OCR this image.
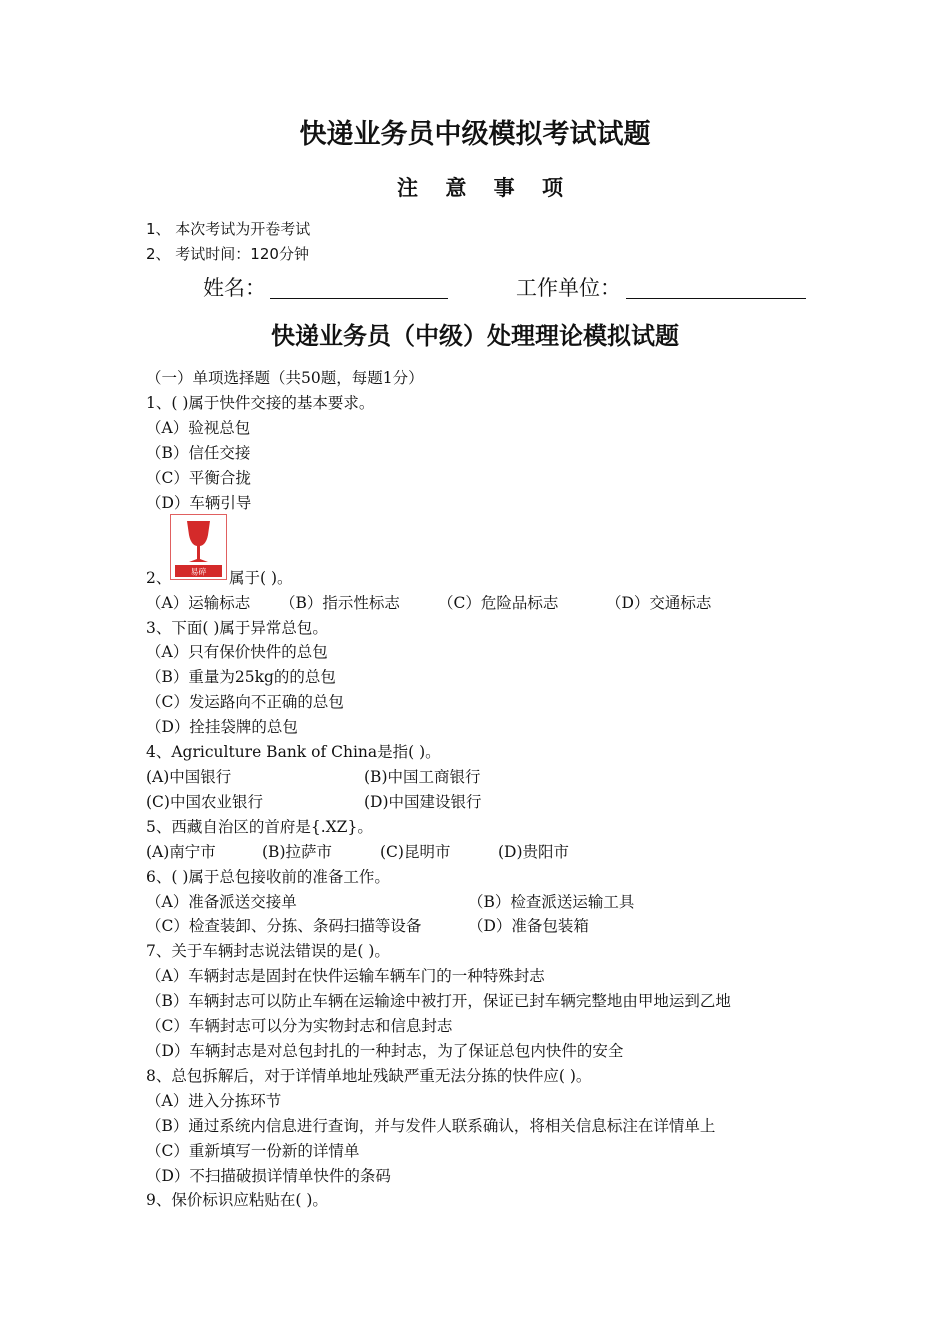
快递业务员中级模拟考试试题
注 意 事 项
1、 本次考试为开卷考试
2、 考试时间：120分钟
姓名：	工作单位：
快递业务员（中级）处理理论模拟试题
（一）单项选择题（共50题，每题1分）
1、( )属于快件交接的基本要求。
（A）验视总包
（B）信任交接
（C）平衡合拢
（D）车辆引导
易碎
2、	属于( )。
（A）运输标志 （B）指示性标志 （C）危险品标志	（D）交通标志
3、下面( )属于异常总包。
（A）只有保价快件的总包
（B）重量为25kg的的总包
（C）发运路向不正确的总包
（D）拴挂袋牌的总包
4、Agriculture Bank of China是指( )。
(A)中国银行	(B)中国工商银行
(C)中国农业银行	(D)中国建设银行
5、西藏自治区的首府是{.XZ}。
(A)南宁市	(B)拉萨市	(C)昆明市	(D)贵阳市
6、( )属于总包接收前的准备工作。
（A）准备派送交接单	（B）检查派送运输工具
（C）检查装卸、分拣、条码扫描等设备	（D）准备包装箱
7、关于车辆封志说法错误的是( )。
（A）车辆封志是固封在快件运输车辆车门的一种特殊封志
（B）车辆封志可以防止车辆在运输途中被打开，保证已封车辆完整地由甲地运到乙地
（C）车辆封志可以分为实物封志和信息封志
（D）车辆封志是对总包封扎的一种封志，为了保证总包内快件的安全
8、总包拆解后，对于详情单地址残缺严重无法分拣的快件应( )。
（A）进入分拣环节
（B）通过系统内信息进行查询，并与发件人联系确认，将相关信息标注在详情单上
（C）重新填写一份新的详情单
（D）不扫描破损详情单快件的条码
9、保价标识应粘贴在( )。
